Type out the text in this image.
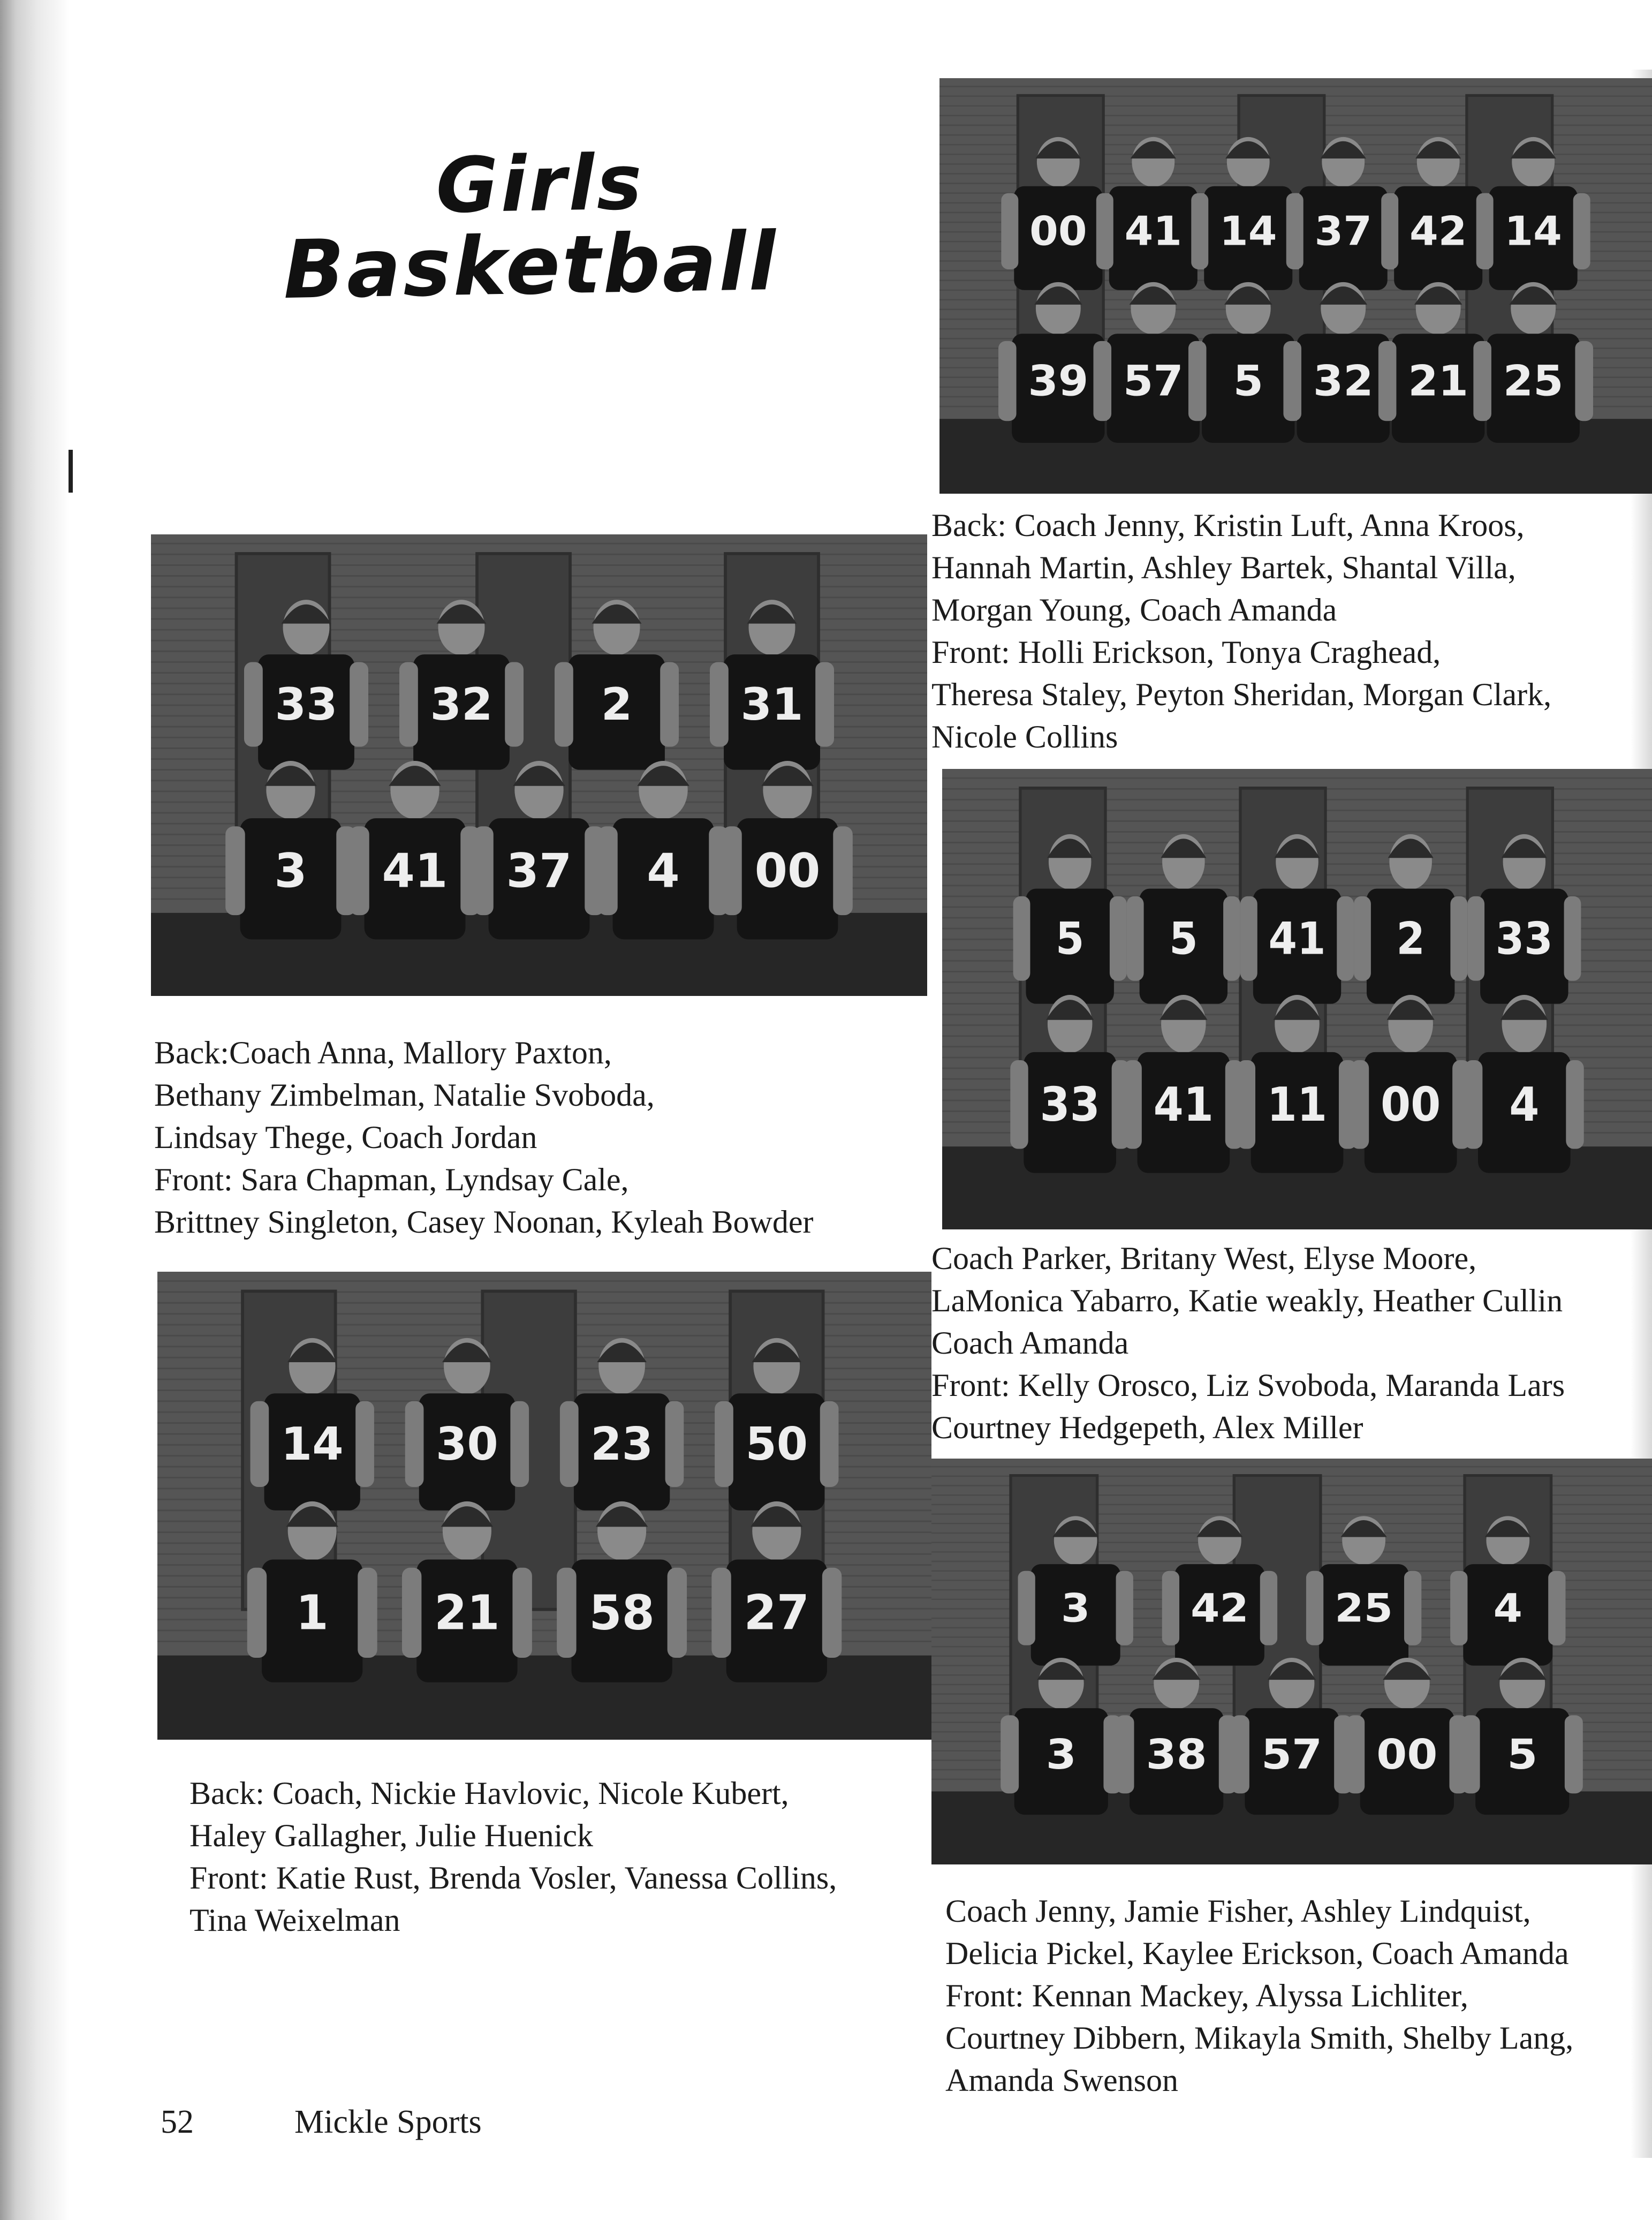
Girls
Basketball	00 41 14 37 42 14
39 57 5 32 21 25
Back: Coach Jenny, Kristin Luft, Anna Kroos,
Hannah Martin, Ashley Bartek, Shantal Villa,
Morgan Young, Coach Amanda
Front: Holli Erickson, Tonya Craghead,
Theresa Staley, Peyton Sheridan, Morgan Clark,
Nicole Collins
33	32	2	31
3 41 37 4 00
Back:Coach Anna, Mallory Paxton,
Bethany Zimbelman, Natalie Svoboda,
Lindsay Thege, Coach Jordan
Front: Sara Chapman, Lyndsay Cale,
Brittney Singleton, Casey Noonan, Kyleah Bowder
5	5 41 2 33
33 41 11 00 4
Coach Parker, Britany West, Elyse Moore,
LaMonica Yabarro, Katie weakly, Heather Cullin
Coach Amanda
Front: Kelly Orosco, Liz Svoboda, Maranda Lars
Courtney Hedgepeth, Alex Miller
14	30	23	50
1	21	58	27
Back: Coach, Nickie Havlovic, Nicole Kubert,
Haley Gallagher, Julie Huenick
Front: Katie Rust, Brenda Vosler, Vanessa Collins,
Tina Weixelman
3	42	25	4
3 38 57 00 5
Coach Jenny, Jamie Fisher, Ashley Lindquist,
Delicia Pickel, Kaylee Erickson, Coach Amanda
Front: Kennan Mackey, Alyssa Lichliter,
Courtney Dibbern, Mikayla Smith, Shelby Lang,
Amanda Swenson
52	Mickle Sports
